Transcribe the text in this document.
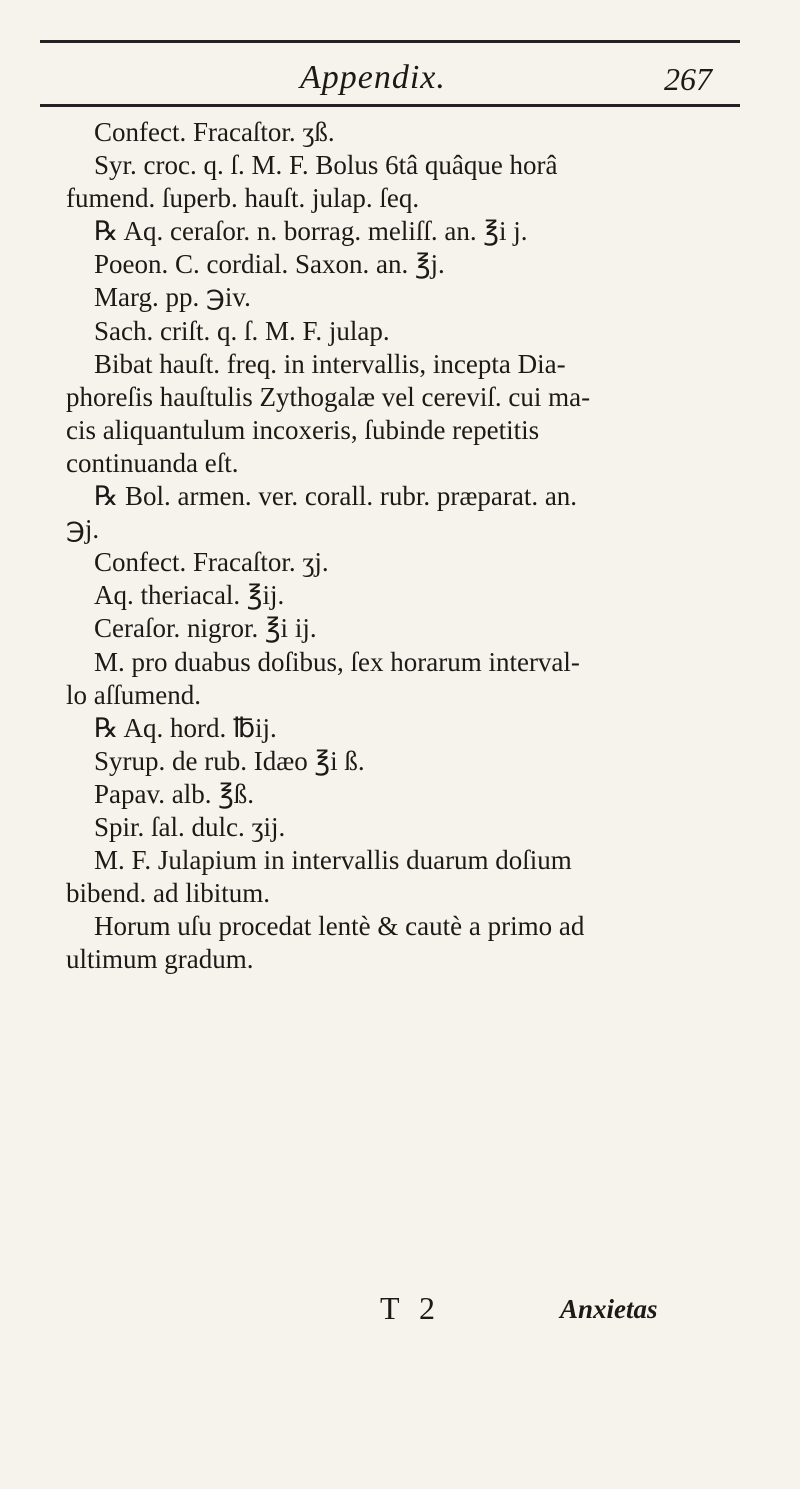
Appendix.	267
Confect. Fracaſtor. ʒß.
Syr. croc. q. ſ. M. F. Bolus 6tâ quâque horâ
fumend. ſuperb. hauſt. julap. ſeq.
℞ Aq. ceraſor. n. borrag. meliſſ. an. ℥i j.
Poeon. C. cordial. Saxon. an. ℥j.
Marg. pp. ℈iv.
Sach. criſt. q. ſ. M. F. julap.
Bibat hauſt. freq. in intervallis, incepta Dia-
phoreſis hauſtulis Zythogalæ vel cereviſ. cui ma-
cis aliquantulum incoxeris, ſubinde repetitis
continuanda eſt.
℞ Bol. armen. ver. corall. rubr. præparat. an.
℈j.
Confect. Fracaſtor. ʒj.
Aq. theriacal. ℥ij.
Ceraſor. nigror. ℥i ij.
M. pro duabus doſibus, ſex horarum interval-
lo aſſumend.
℞ Aq. hord. ℔ij.
Syrup. de rub. Idæo ℥i ß.
Papav. alb. ℥ß.
Spir. ſal. dulc. ʒij.
M. F. Julapium in intervallis duarum doſium
bibend. ad libitum.
Horum uſu procedat lentè & cautè a primo ad
ultimum gradum.
T 2	Anxietas
